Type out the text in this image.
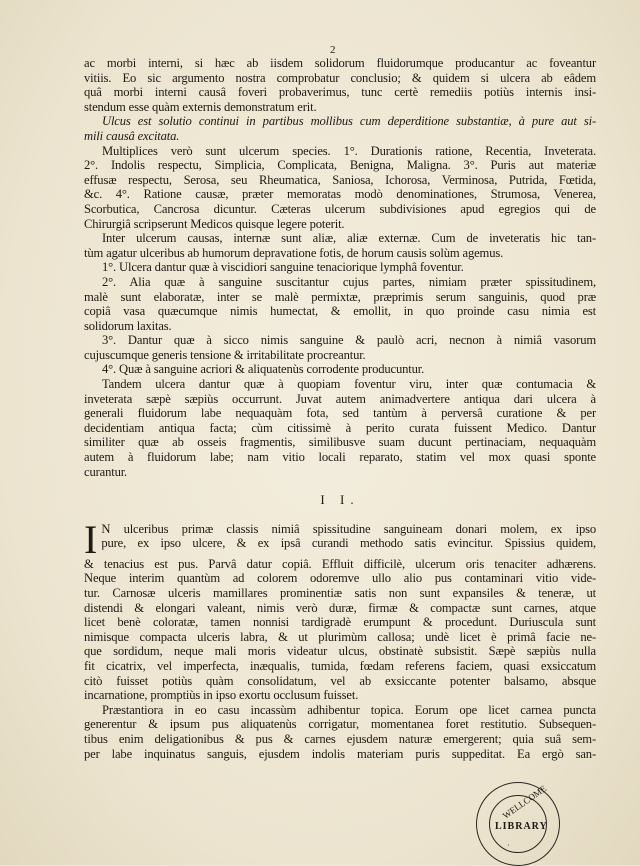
2
ac morbi interni, si hæc ab iisdem solidorum fluidorumque producantur ac foveantur
vitiis. Eo sic argumento nostra comprobatur conclusio; & quidem si ulcera ab eâdem
quâ morbi interni causâ foveri probaverimus, tunc certè remediis potiùs internis insi-
stendum esse quàm externis demonstratum erit.
Ulcus est solutio continui in partibus mollibus cum deperditione substantiæ, à pure aut si-
mili causâ excitata.
Multiplices verò sunt ulcerum species. 1°. Durationis ratione, Recentia, Inveterata.
2°. Indolis respectu, Simplicia, Complicata, Benigna, Maligna. 3°. Puris aut materiæ
effusæ respectu, Serosa, seu Rheumatica, Saniosa, Ichorosa, Verminosa, Putrida, Fœtida,
&c. 4°. Ratione causæ, præter memoratas modò denominationes, Strumosa, Venerea,
Scorbutica, Cancrosa dicuntur. Cæteras ulcerum subdivisiones apud egregios qui de
Chirurgiâ scripserunt Medicos quisque legere poterit.
Inter ulcerum causas, internæ sunt aliæ, aliæ externæ. Cum de inveteratis hic tan-
tùm agatur ulceribus ab humorum depravatione fotis, de horum causis solùm agemus.
1°. Ulcera dantur quæ à viscidiori sanguine tenaciorique lymphâ foventur.
2°. Alia quæ à sanguine suscitantur cujus partes, nimiam præter spissitudinem,
malè sunt elaboratæ, inter se malè permixtæ, præprimis serum sanguinis, quod præ
copiâ vasa quæcumque nimis humectat, & emollit, in quo proinde casu nimia est
solidorum laxitas.
3°. Dantur quæ à sicco nimis sanguine & paulò acri, necnon à nimiâ vasorum
cujuscumque generis tensione & irritabilitate procreantur.
4°. Quæ à sanguine acriori & aliquatenùs corrodente producuntur.
Tandem ulcera dantur quæ à quopiam foventur viru, inter quæ contumacia &
inveterata sæpè sæpiùs occurrunt. Juvat autem animadvertere antiqua dari ulcera à
generali fluidorum labe nequaquàm fota, sed tantùm à perversâ curatione & per
decidentiam antiqua facta; cùm citissimè à perito curata fuissent Medico. Dantur
similiter quæ ab osseis fragmentis, similibusve suam ducunt pertinaciam, nequaquàm
autem à fluidorum labe; nam vitio locali reparato, statim vel mox quasi sponte
curantur.
I I.
I N ulceribus primæ classis nimiâ spissitudine sanguineam donari molem, ex ipso
pure, ex ipso ulcere, & ex ipsâ curandi methodo satis evincitur. Spissius quidem,
& tenacius est pus. Parvâ datur copiâ. Effluit difficilè, ulcerum oris tenaciter adhærens.
Neque interim quantùm ad colorem odoremve ullo alio pus contaminari vitio vide-
tur. Carnosæ ulceris mamillares prominentiæ satis non sunt expansiles & teneræ, ut
distendi & elongari valeant, nimis verò duræ, firmæ & compactæ sunt carnes, atque
licet benè coloratæ, tamen nonnisi tardigradè erumpunt & procedunt. Duriuscula sunt
nimisque compacta ulceris labra, & ut plurimùm callosa; undè licet è primâ facie ne-
que sordidum, neque mali moris videatur ulcus, obstinatè subsistit. Sæpè sæpiùs nulla
fit cicatrix, vel imperfecta, inæqualis, tumida, fœdam referens faciem, quasi exsiccatum
citò fuisset potiùs quàm consolidatum, vel ab exsiccante potenter balsamo, absque
incarnatione, promptiùs in ipso exortu occlusum fuisset.
Præstantiora in eo casu incassùm adhibentur topica. Eorum ope licet carnea puncta
generentur & ipsum pus aliquatenùs corrigatur, momentanea foret restitutio. Subsequen-
tibus enim deligationibus & pus & carnes ejusdem naturæ emergerent; quia suâ sem-
per labe inquinatus sanguis, ejusdem indolis materiam puris suppeditat. Ea ergò san-
WELLCOME
LIBRARY
·
